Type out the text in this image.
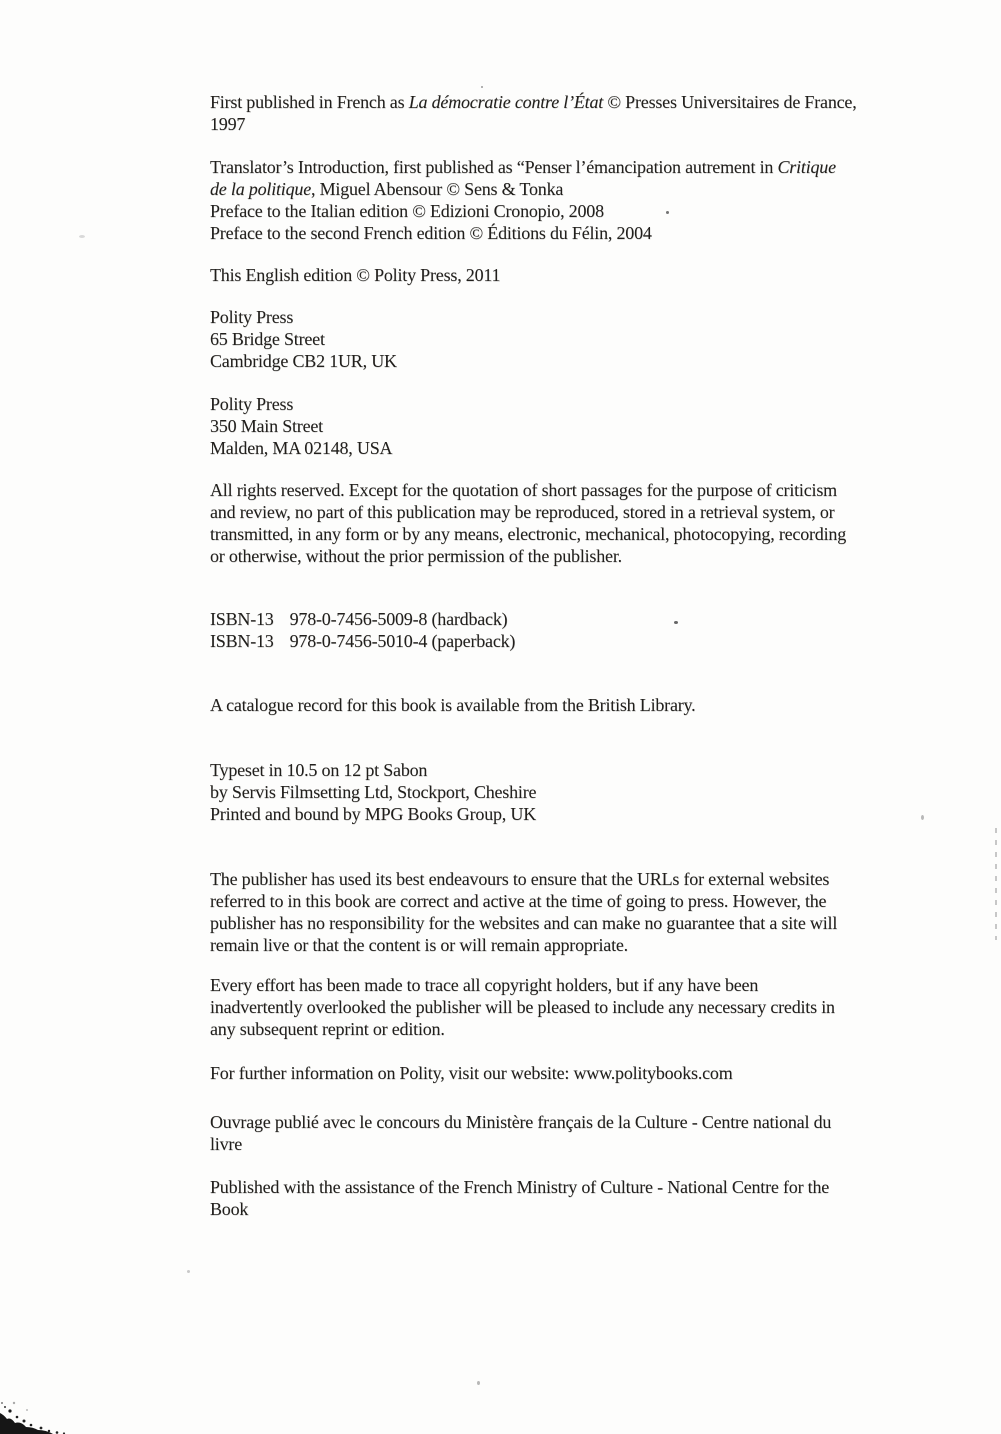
First published in French as La démocratie contre l’État © Presses Universitaires de France,
1997
Translator’s Introduction, first published as “Penser l’émancipation autrement in Critique
de la politique, Miguel Abensour © Sens & Tonka
Preface to the Italian edition © Edizioni Cronopio, 2008
Preface to the second French edition © Éditions du Félin, 2004
This English edition © Polity Press, 2011
Polity Press
65 Bridge Street
Cambridge CB2 1UR, UK
Polity Press
350 Main Street
Malden, MA 02148, USA
All rights reserved. Except for the quotation of short passages for the purpose of criticism
and review, no part of this publication may be reproduced, stored in a retrieval system, or
transmitted, in any form or by any means, electronic, mechanical, photocopying, recording
or otherwise, without the prior permission of the publisher.
ISBN-13 978-0-7456-5009-8 (hardback)
ISBN-13 978-0-7456-5010-4 (paperback)
A catalogue record for this book is available from the British Library.
Typeset in 10.5 on 12 pt Sabon
by Servis Filmsetting Ltd, Stockport, Cheshire
Printed and bound by MPG Books Group, UK
The publisher has used its best endeavours to ensure that the URLs for external websites
referred to in this book are correct and active at the time of going to press. However, the
publisher has no responsibility for the websites and can make no guarantee that a site will
remain live or that the content is or will remain appropriate.
Every effort has been made to trace all copyright holders, but if any have been
inadvertently overlooked the publisher will be pleased to include any necessary credits in
any subsequent reprint or edition.
For further information on Polity, visit our website: www.politybooks.com
Ouvrage publié avec le concours du Ministère français de la Culture - Centre national du
livre
Published with the assistance of the French Ministry of Culture - National Centre for the
Book
